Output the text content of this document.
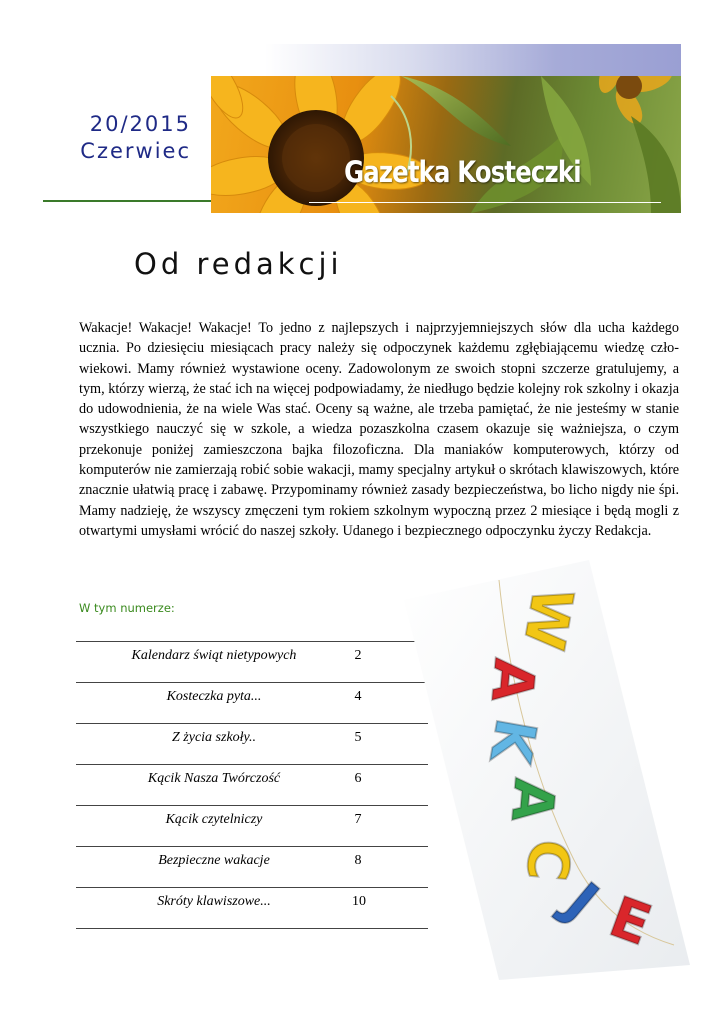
Gazetka Kosteczki
20/2015
Czerwiec
Od redakcji

Wakacje! Wakacje! Wakacje! To jedno z najlepszych i najprzyjemniejszych słów dla ucha każdego ucznia. Po dziesięciu miesiącach pracy należy się odpoczynek każdemu zgłębiającemu wiedzę człowiekowi. Mamy również wystawione oceny. Zadowolonym ze swoich stopni szczerze gratulujemy, a tym, którzy wierzą, że stać ich na więcej podpowiadamy, że niedługo będzie kolejny rok szkolny i okazja do udowodnienia, że na wiele Was stać. Oceny są ważne, ale trzeba pamiętać, że nie jesteśmy w stanie wszystkiego nauczyć się w szkole, a wiedza pozaszkolna czasem okazuje się ważniejsza, o czym przekonuje poniżej zamieszczona bajka filozoficzna. Dla maniaków komputerowych, którzy od komputerów nie zamierzają robić sobie wakacji, mamy specjalny artykuł o skrótach klawiszowych, które znacznie ułatwią pracę i zabawę. Przypominamy również zasady bezpieczeństwa, bo licho nigdy nie śpi. Mamy nadzieję, że wszyscy zmęczeni tym rokiem szkolnym wypoczną przez 2 miesiące i będą mogli z otwartymi umysłami wrócić do naszej szkoły. Udanego i bezpiecznego odpoczynku życzy Redakcja.

W tym numerze:
Kalendarz świąt nietypowych	2
Kosteczka pyta...	4
Z życia szkoły..	5
Kącik Nasza Twórczość	6
Kącik czytelniczy	7
Bezpieczne wakacje	8
Skróty klawiszowe...	10
W
A
K
A
C
J
E
